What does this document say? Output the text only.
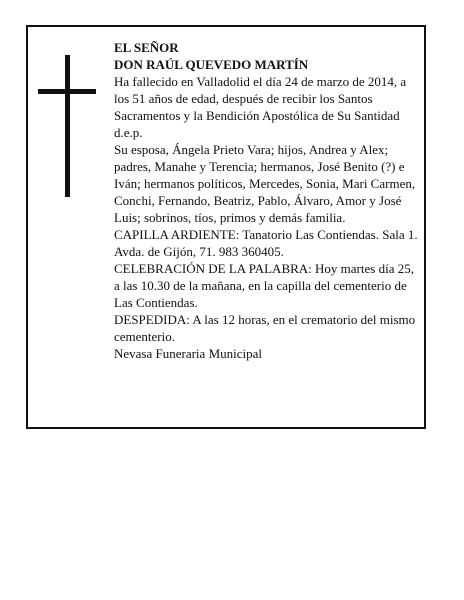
EL SEÑOR

DON RAÚL QUEVEDO MARTÍN

Ha fallecido en Valladolid el día 24 de marzo de 2014, a los 51 años de edad, después de recibir los Santos Sacramentos y la Bendición Apostólica de Su Santidad d.e.p.

Su esposa, Ángela Prieto Vara; hijos, Andrea y Alex; padres, Manahe y Terencia; hermanos, José Benito (?) e Iván; hermanos políticos, Mercedes, Sonia, Mari Carmen, Conchi, Fernando, Beatriz, Pablo, Álvaro, Amor y José Luis; sobrinos, tíos, primos y demás familia.

CAPILLA ARDIENTE: Tanatorio Las Contiendas. Sala 1. Avda. de Gijón, 71. 983 360405.

CELEBRACIÓN DE LA PALABRA: Hoy martes día 25, a las 10.30 de la mañana, en la capilla del cementerio de Las Contiendas.

DESPEDIDA: A las 12 horas, en el crematorio del mismo cementerio.

Nevasa Funeraria Municipal
